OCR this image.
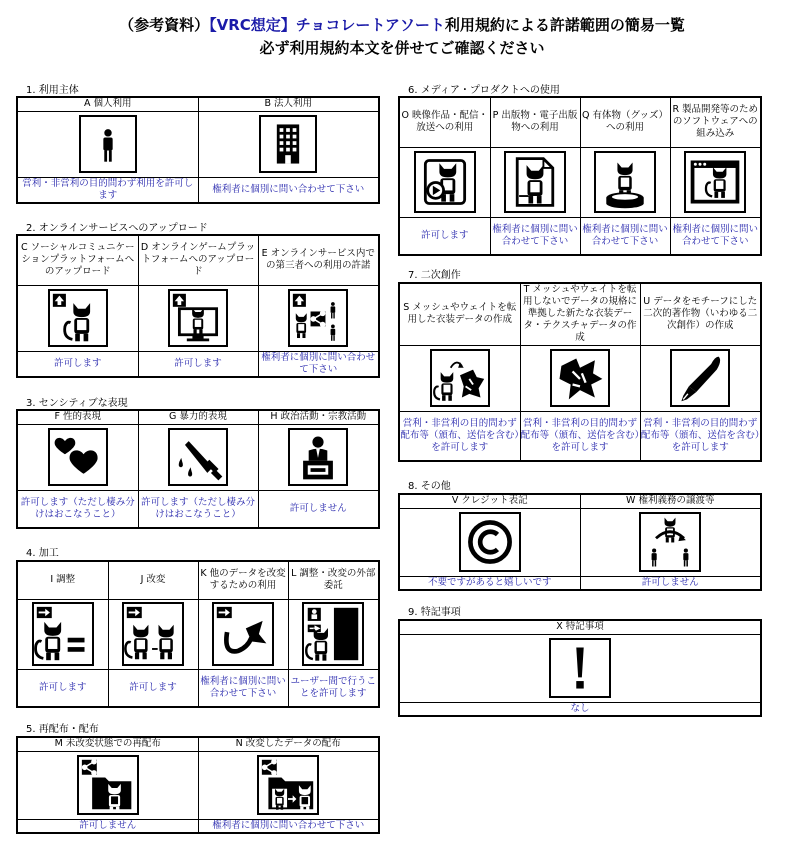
（参考資料）【VRC想定】チョコレートアソート利用規約による許諾範囲の簡易一覧
必ず利用規約本文を併せてご確認ください
1. 利用主体
A 個人利用	B 法人利用

営利・非営利の目的問わず利用を許可します	権利者に個別に問い合わせて下さい
2. オンラインサービスへのアップロード
C ソーシャルコミュニケーションプラットフォームへのアップロード	D オンラインゲームプラットフォームへのアップロード	E オンラインサービス内での第三者への利用の許諾

許可します	許可します	権利者に個別に問い合わせて下さい
3. センシティブな表現
F 性的表現	G 暴力的表現	H 政治活動・宗教活動

許可します（ただし棲み分けはおこなうこと）	許可します（ただし棲み分けはおこなうこと）	許可しません
4. 加工
I 調整	J 改変	K 他のデータを改変するための利用	L 調整・改変の外部委託

許可します	許可します	権利者に個別に問い合わせて下さい	ユーザー間で行うことを許可します
5. 再配布・配布
M 未改変状態での再配布	N 改変したデータの配布

許可しません	権利者に個別に問い合わせて下さい
6. メディア・プロダクトへの使用
O 映像作品・配信・放送への利用	P 出版物・電子出版物への利用	Q 有体物（グッズ）への利用	R 製品開発等のためのソフトウェアへの組み込み

許可します	権利者に個別に問い合わせて下さい	権利者に個別に問い合わせて下さい	権利者に個別に問い合わせて下さい
7. 二次創作
S メッシュやウェイトを転用した衣装データの作成	T メッシュやウェイトを転用しないでデータの規格に準拠した新たな衣装データ・テクスチャデータの作成	U データをモチーフにした二次的著作物（いわゆる二次創作）の作成

営利・非営利の目的問わず配布等（頒布、送信を含む）を許可します	営利・非営利の目的問わず配布等（頒布、送信を含む）を許可します	営利・非営利の目的問わず配布等（頒布、送信を含む）を許可します
8. その他
V クレジット表記	W 権利義務の譲渡等

不要ですがあると嬉しいです	許可しません
9. 特記事項
X 特記事項

なし
